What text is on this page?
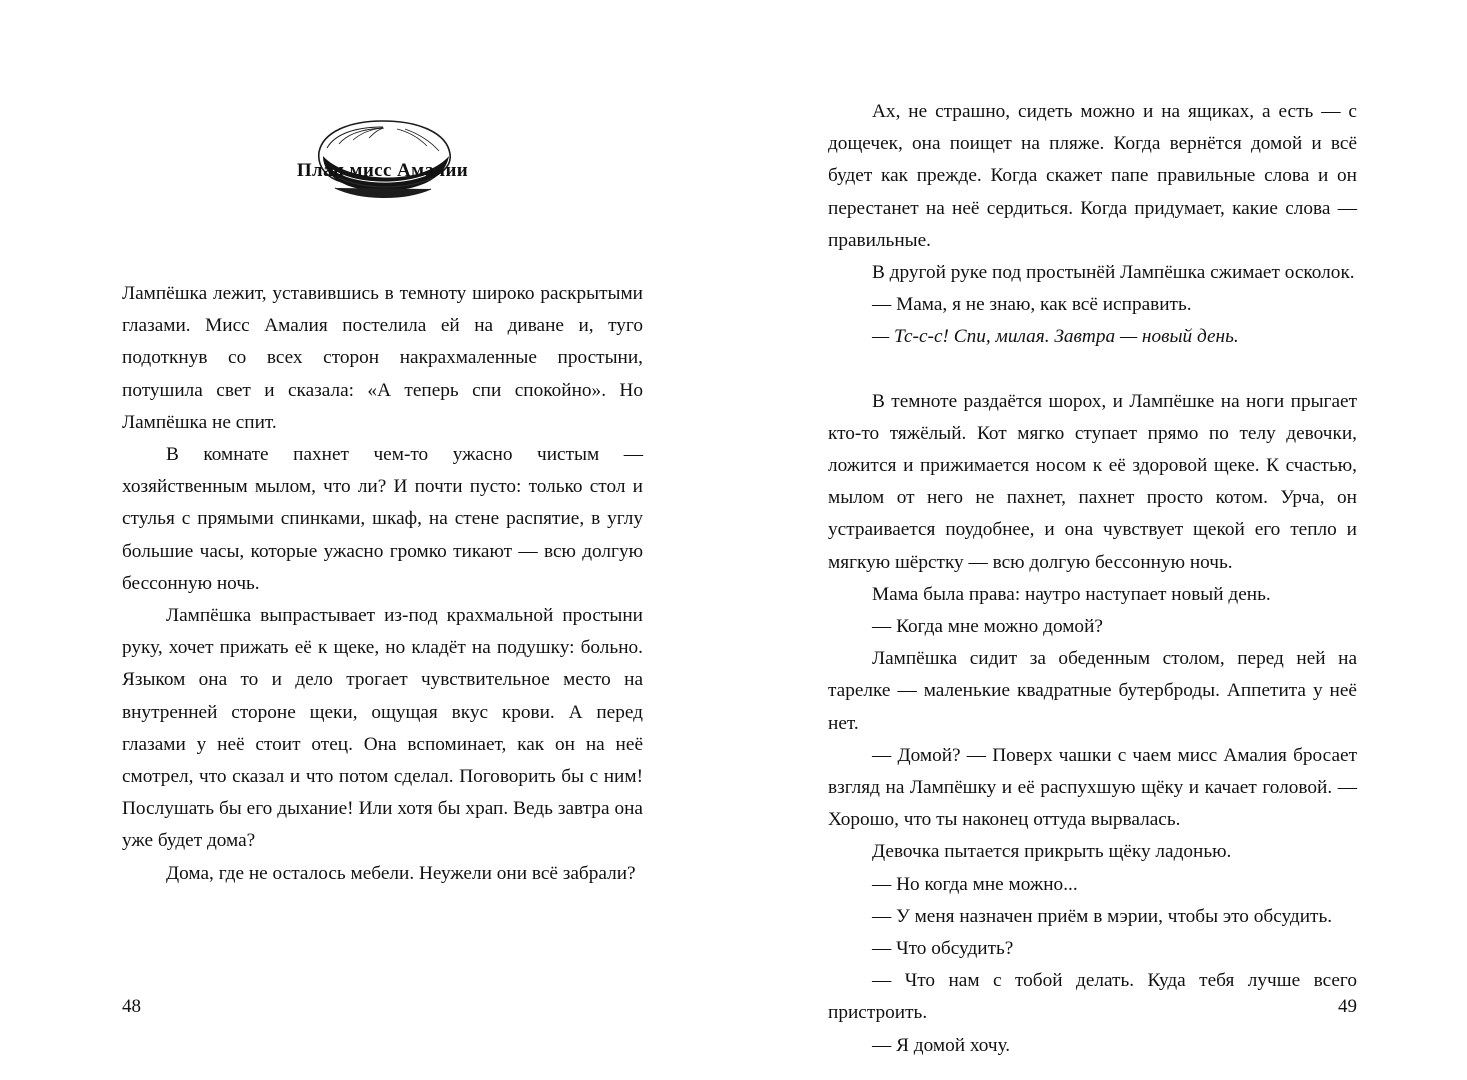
План мисс Амалии

Лампёшка лежит, уставившись в темноту широко раскрытыми глазами. Мисс Амалия постелила ей на диване и, туго подоткнув со всех сторон накрахмаленные простыни, потушила свет и сказала: «А теперь спи спокойно». Но Лампёшка не спит.

В комнате пахнет чем-то ужасно чистым — хозяйственным мылом, что ли? И почти пусто: только стол и стулья с прямыми спинками, шкаф, на стене распятие, в углу большие часы, которые ужасно громко тикают — всю долгую бессонную ночь.

Лампёшка выпрастывает из-под крахмальной простыни руку, хочет прижать её к щеке, но кладёт на подушку: больно. Языком она то и дело трогает чувствительное место на внутренней стороне щеки, ощущая вкус крови. А перед глазами у неё стоит отец. Она вспоминает, как он на неё смотрел, что сказал и что потом сделал. Поговорить бы с ним! Послушать бы его дыхание! Или хотя бы храп. Ведь завтра она уже будет дома?

Дома, где не осталось мебели. Неужели они всё забрали?

48

Ах, не страшно, сидеть можно и на ящиках, а есть — с дощечек, она поищет на пляже. Когда вернётся домой и всё будет как прежде. Когда скажет папе правильные слова и он перестанет на неё сердиться. Когда придумает, какие слова — правильные.

В другой руке под простынёй Лампёшка сжимает осколок.

— Мама, я не знаю, как всё исправить.

— Тс-с-с! Спи, милая. Завтра — новый день.

В темноте раздаётся шорох, и Лампёшке на ноги прыгает кто-то тяжёлый. Кот мягко ступает прямо по телу девочки, ложится и прижимается носом к её здоровой щеке. К счастью, мылом от него не пахнет, пахнет просто котом. Урча, он устраивается поудобнее, и она чувствует щекой его тепло и мягкую шёрстку — всю долгую бессонную ночь.

Мама была права: наутро наступает новый день.

— Когда мне можно домой?

Лампёшка сидит за обеденным столом, перед ней на тарелке — маленькие квадратные бутерброды. Аппетита у неё нет.

— Домой? — Поверх чашки с чаем мисс Амалия бросает взгляд на Лампёшку и её распухшую щёку и качает головой. — Хорошо, что ты наконец оттуда вырвалась.

Девочка пытается прикрыть щёку ладонью.

— Но когда мне можно...

— У меня назначен приём в мэрии, чтобы это обсудить.

— Что обсудить?

— Что нам с тобой делать. Куда тебя лучше всего пристроить.

— Я домой хочу.

49
